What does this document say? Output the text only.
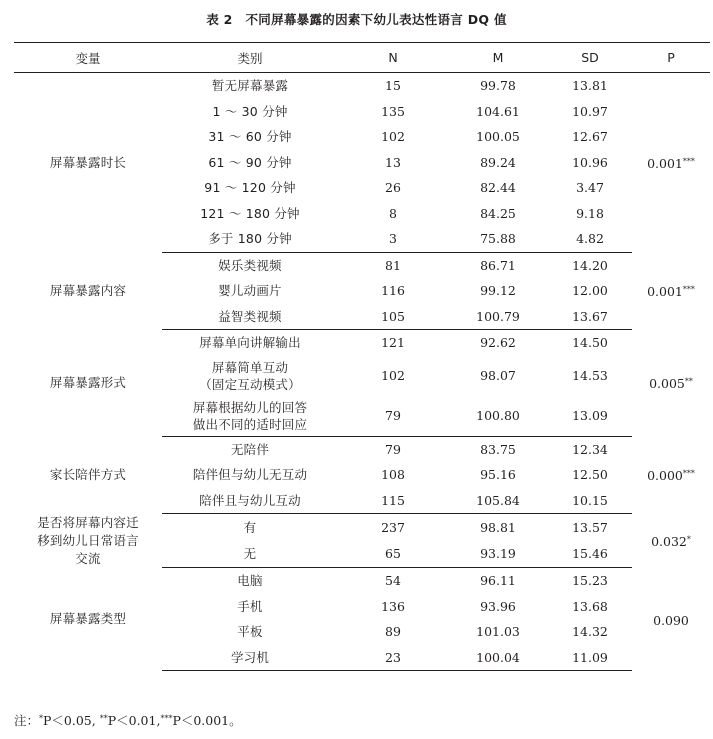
表 2　不同屏幕暴露的因素下幼儿表达性语言 DQ 值
变量	类别	N	M	SD	P
屏幕暴露时长	暂无屏幕暴露	15	99.78	13.81	0.001***
	1 ～ 30 分钟	135	104.61	10.97	
	31 ～ 60 分钟	102	100.05	12.67	
	61 ～ 90 分钟	13	89.24	10.96	
	91 ～ 120 分钟	26	82.44	3.47	
	121 ～ 180 分钟	8	84.25	9.18	
	多于 180 分钟	3	75.88	4.82	
屏幕暴露内容	娱乐类视频	81	86.71	14.20	0.001***
	婴儿动画片	116	99.12	12.00	
	益智类视频	105	100.79	13.67	
屏幕暴露形式	屏幕单向讲解输出	121	92.62	14.50	0.005**
	屏幕简单互动
（固定互动模式）	102	98.07	14.53	
	屏幕根据幼儿的回答
做出不同的适时回应	79	100.80	13.09	
家长陪伴方式	无陪伴	79	83.75	12.34	0.000***
	陪伴但与幼儿无互动	108	95.16	12.50	
	陪伴且与幼儿互动	115	105.84	10.15	
是否将屏幕内容迁
移到幼儿日常语言
交流	有	237	98.81	13.57	0.032*
	无	65	93.19	15.46	
屏幕暴露类型	电脑	54	96.11	15.23	0.090
	手机	136	93.96	13.68	
	平板	89	101.03	14.32	
	学习机	23	100.04	11.09	
注：*P＜0.05, **P＜0.01,***P＜0.001。
